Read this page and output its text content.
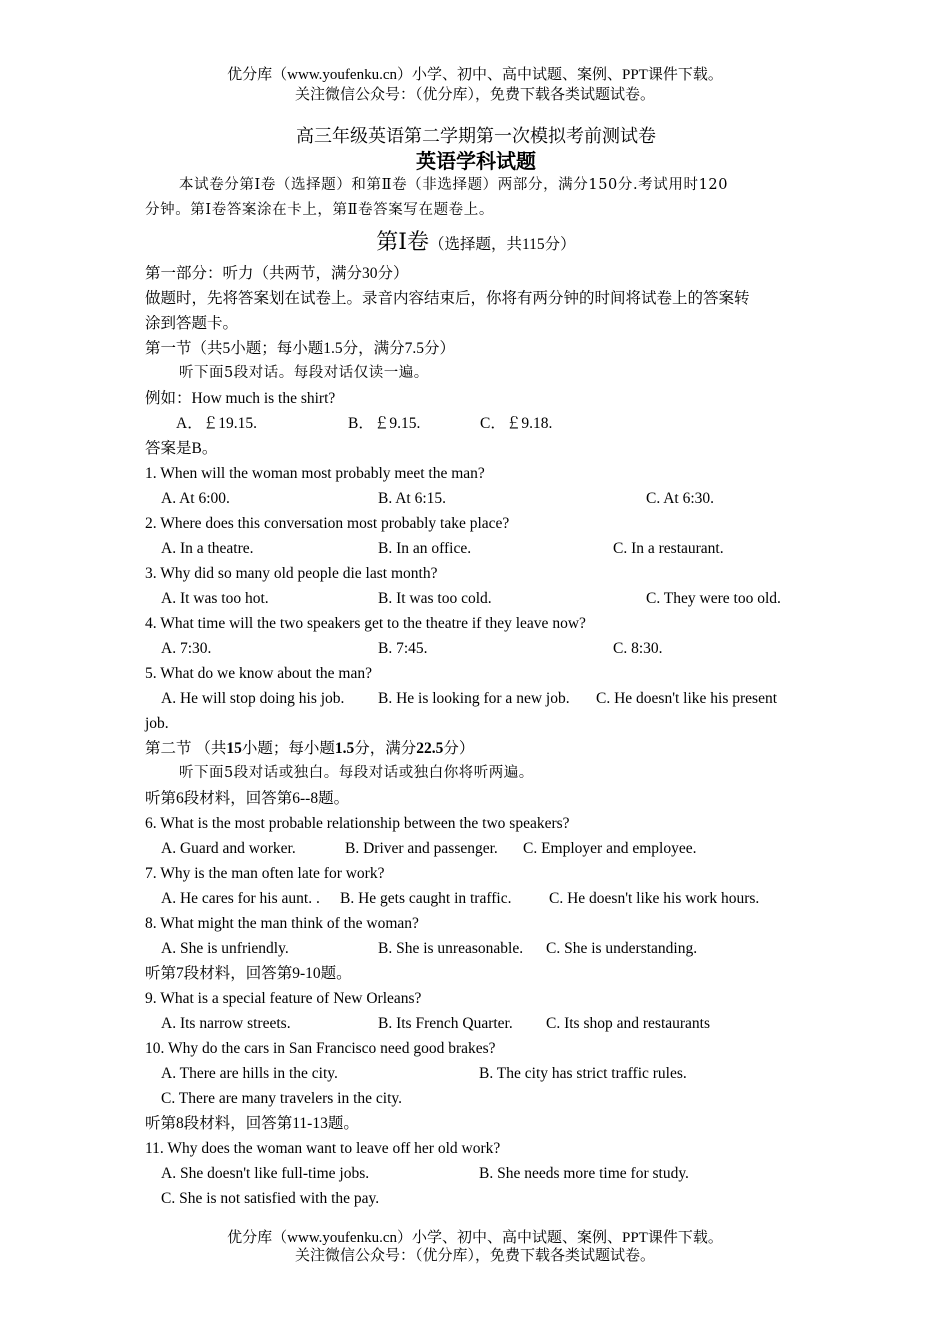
优分库（www.youfenku.cn）小学、初中、高中试题、案例、PPT课件下载。
关注微信公众号：（优分库），免费下载各类试题试卷。
高三年级英语第二学期第一次模拟考前测试卷
英语学科试题
本试卷分第Ⅰ卷（选择题）和第Ⅱ卷（非选择题）两部分，满分150分.考试用时120
分钟。第Ⅰ卷答案涂在卡上，第Ⅱ卷答案写在题卷上。
第Ⅰ卷（选择题，共115分）
第一部分：听力（共两节，满分30分）
做题时，先将答案划在试卷上。录音内容结束后，你将有两分钟的时间将试卷上的答案转
涂到答题卡。
第一节（共5小题；每小题1.5分，满分7.5分）
听下面5段对话。每段对话仅读一遍。
例如：How much is the shirt?
A．￡19.15.	B．￡9.15.	C．￡9.18.
答案是B。
1. When will the woman most probably meet the man?
A. At 6:00.	B. At 6:15.	C. At 6:30.
2. Where does this conversation most probably take place?
A. In a theatre.	B. In an office.	C. In a restaurant.
3. Why did so many old people die last month?
A. It was too hot.	B. It was too cold.	C. They were too old.
4. What time will the two speakers get to the theatre if they leave now?
A. 7:30.	B. 7:45.	C. 8:30.
5. What do we know about the man?
A. He will stop doing his job. B. He is looking for a new job. C. He doesn't like his present
job.
第二节 （共15小题；每小题1.5分，满分22.5分）
听下面5段对话或独白。每段对话或独白你将听两遍。
听第6段材料，回答第6--8题。
6. What is the most probable relationship between the two speakers?
A. Guard and worker.	B. Driver and passenger. C. Employer and employee.
7. Why is the man often late for work?
A. He cares for his aunt. . B. He gets caught in traffic. C. He doesn't like his work hours.
8. What might the man think of the woman?
A. She is unfriendly.	B. She is unreasonable. C. She is understanding.
听第7段材料，回答第9-10题。
9. What is a special feature of New Orleans?
A. Its narrow streets.	B. Its French Quarter. C. Its shop and restaurants
10. Why do the cars in San Francisco need good brakes?
A. There are hills in the city.	B. The city has strict traffic rules.
C. There are many travelers in the city.
听第8段材料，回答第11-13题。
11. Why does the woman want to leave off her old work?
A. She doesn't like full-time jobs.	B. She needs more time for study.
C. She is not satisfied with the pay.
优分库（www.youfenku.cn）小学、初中、高中试题、案例、PPT课件下载。
关注微信公众号：（优分库），免费下载各类试题试卷。
